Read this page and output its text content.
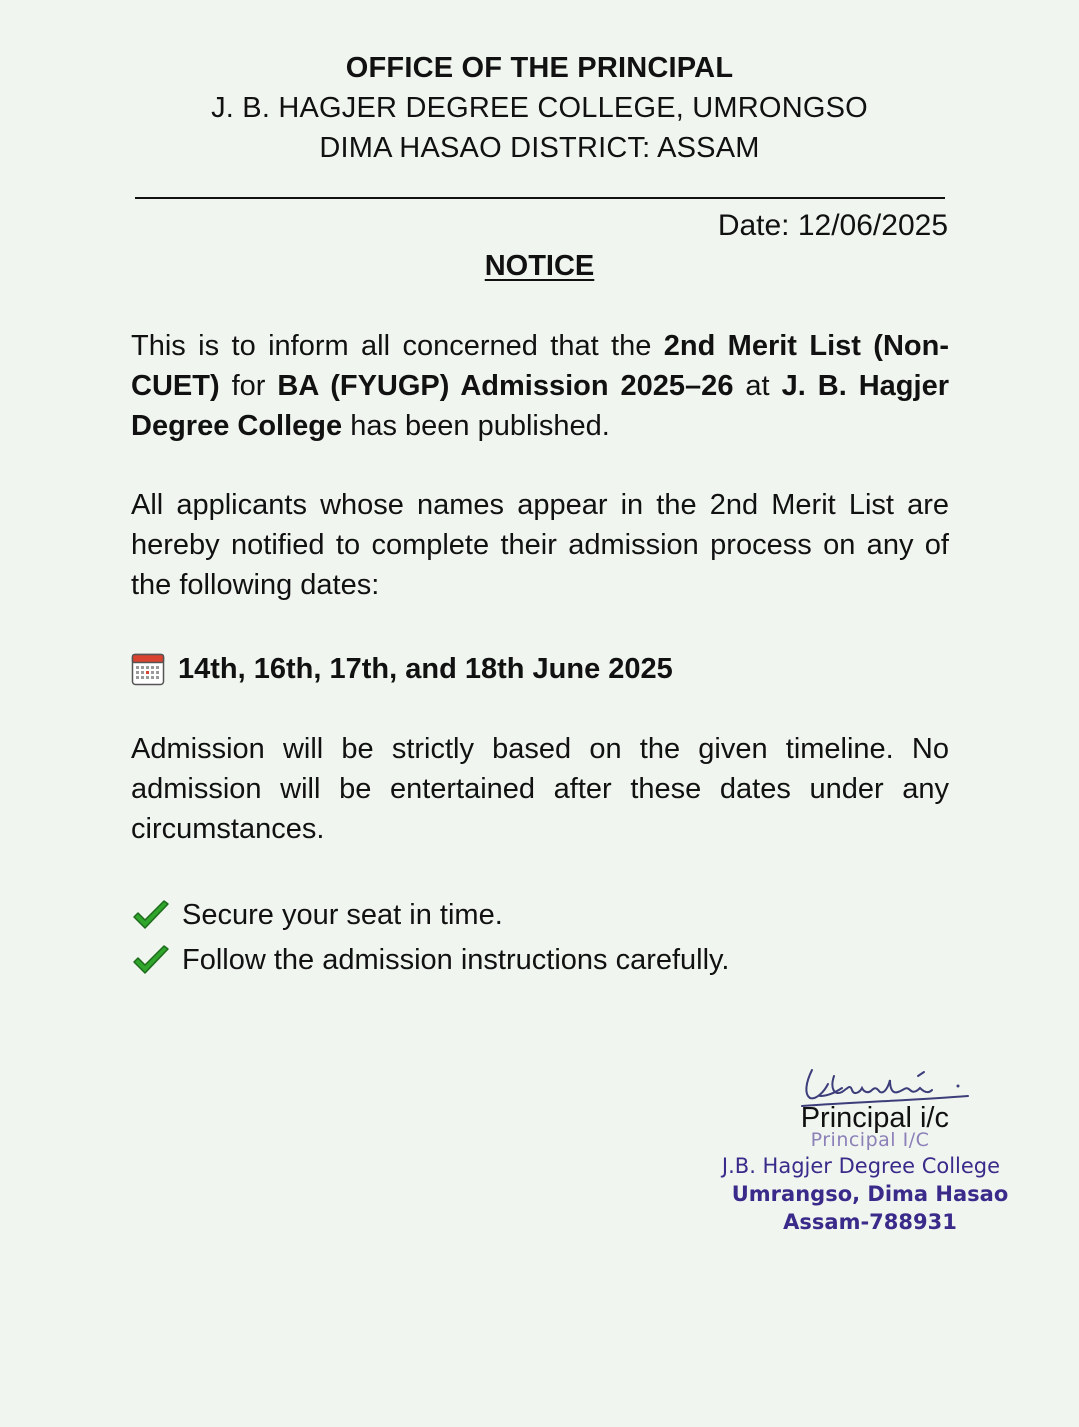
OFFICE OF THE PRINCIPAL
J. B. HAGJER DEGREE COLLEGE, UMRONGSO
DIMA HASAO DISTRICT: ASSAM
Date: 12/06/2025
NOTICE
This is to inform all concerned that the 2nd Merit List (Non-CUET) for BA (FYUGP) Admission 2025–26 at J. B. Hagjer Degree College has been published.
All applicants whose names appear in the 2nd Merit List are hereby notified to complete their admission process on any of the following dates:
14th, 16th, 17th, and 18th June 2025
Admission will be strictly based on the given timeline. No admission will be entertained after these dates under any circumstances.
Secure your seat in time.
Follow the admission instructions carefully.
Principal i/c
Principal I/C
J.B. Hagjer Degree College
Umrangso, Dima Hasao
Assam-788931
